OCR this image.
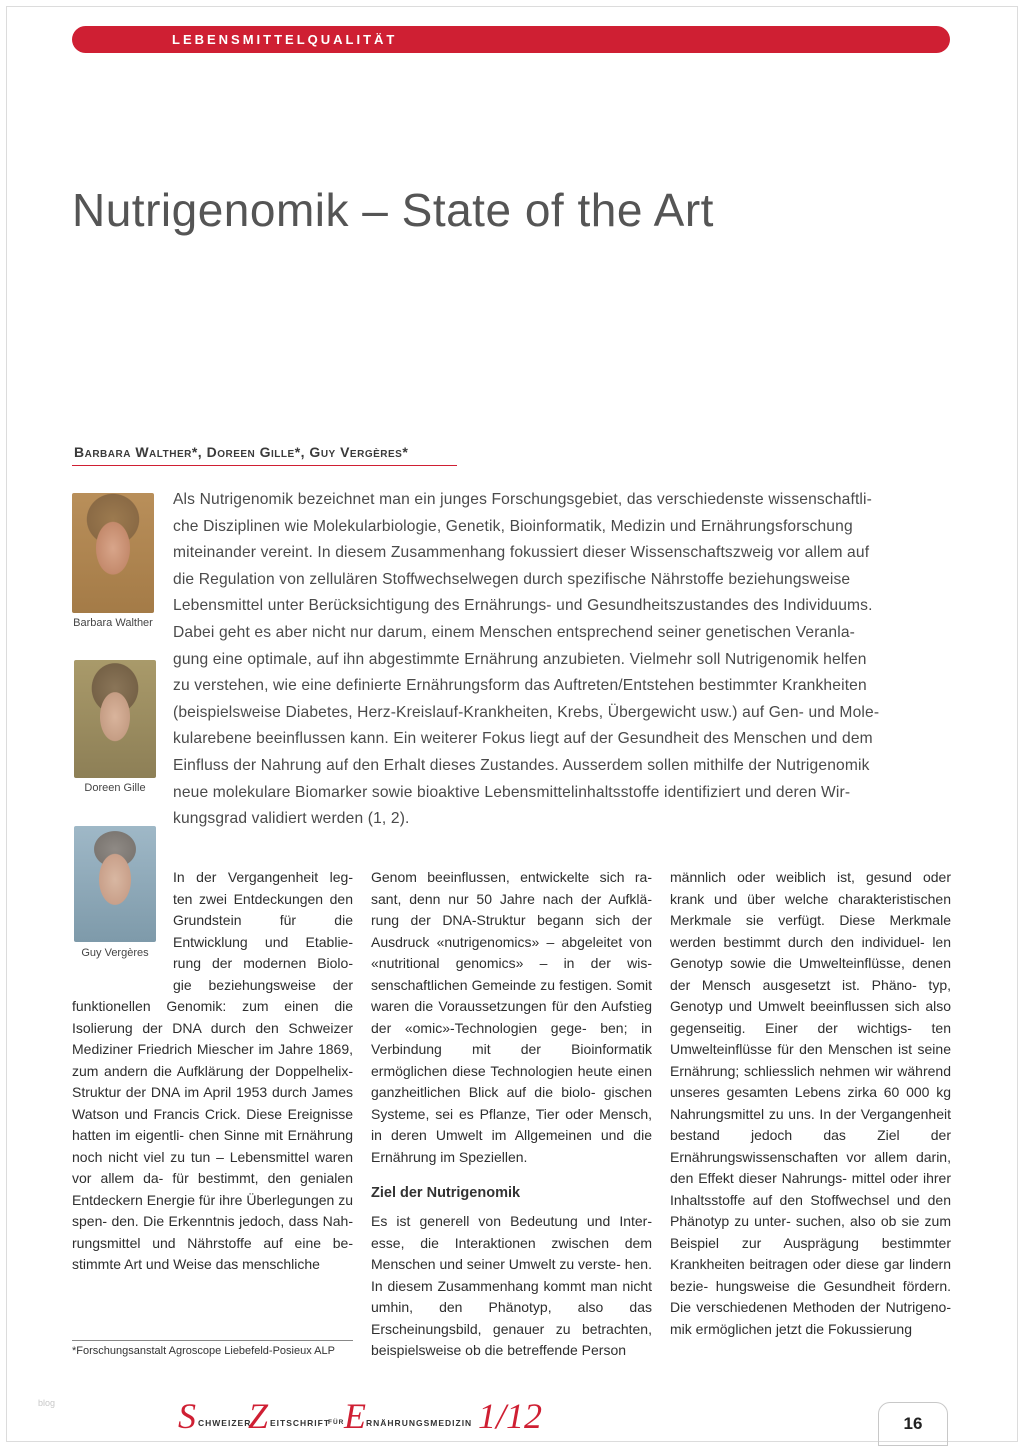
LEBENSMITTELQUALITÄT
Nutrigenomik – State of the Art
Barbara Walther*, Doreen Gille*, Guy Vergères*
Barbara Walther
Doreen Gille
Guy Vergères

Als Nutrigenomik bezeichnet man ein junges Forschungsgebiet, das verschiedenste wissenschaftli-
che Disziplinen wie Molekularbiologie, Genetik, Bioinformatik, Medizin und Ernährungsforschung
miteinander vereint. In diesem Zusammenhang fokussiert dieser Wissenschaftszweig vor allem auf
die Regulation von zellulären Stoffwechselwegen durch spezifische Nährstoffe beziehungsweise
Lebensmittel unter Berücksichtigung des Ernährungs- und Gesundheitszustandes des Individuums.
Dabei geht es aber nicht nur darum, einem Menschen entsprechend seiner genetischen Veranla-
gung eine optimale, auf ihn abgestimmte Ernährung anzubieten. Vielmehr soll Nutrigenomik helfen
zu verstehen, wie eine definierte Ernährungsform das Auftreten/Entstehen bestimmter Krankheiten
(beispielsweise Diabetes, Herz-Kreislauf-Krankheiten, Krebs, Übergewicht usw.) auf Gen- und Mole-
kularebene beeinflussen kann. Ein weiterer Fokus liegt auf der Gesundheit des Menschen und dem
Einfluss der Nahrung auf den Erhalt dieses Zustandes. Ausserdem sollen mithilfe der Nutrigenomik
neue molekulare Biomarker sowie bioaktive Lebensmittelinhaltsstoffe identifiziert und deren Wir-
kungsgrad validiert werden (1, 2).

In der Vergangenheit leg- ten zwei Entdeckungen den Grundstein für die Entwicklung und Etablie- rung der modernen Biolo- gie beziehungsweise der

funktionellen Genomik: zum einen die Isolierung der DNA durch den Schweizer Mediziner Friedrich Miescher im Jahre 1869, zum andern die Aufklärung der Doppelhelix-Struktur der DNA im April 1953 durch James Watson und Francis Crick. Diese Ereignisse hatten im eigentli- chen Sinne mit Ernährung noch nicht viel zu tun – Lebensmittel waren vor allem da- für bestimmt, den genialen Entdeckern Energie für ihre Überlegungen zu spen- den. Die Erkenntnis jedoch, dass Nah- rungsmittel und Nährstoffe auf eine be- stimmte Art und Weise das menschliche

Genom beeinflussen, entwickelte sich ra- sant, denn nur 50 Jahre nach der Aufklä- rung der DNA-Struktur begann sich der Ausdruck «nutrigenomics» – abgeleitet von «nutritional genomics» – in der wis- senschaftlichen Gemeinde zu festigen. Somit waren die Voraussetzungen für den Aufstieg der «omic»-Technologien gege- ben; in Verbindung mit der Bioinformatik ermöglichen diese Technologien heute einen ganzheitlichen Blick auf die biolo- gischen Systeme, sei es Pflanze, Tier oder Mensch, in deren Umwelt im Allgemeinen und die Ernährung im Speziellen.

Ziel der Nutrigenomik

Es ist generell von Bedeutung und Inter- esse, die Interaktionen zwischen dem Menschen und seiner Umwelt zu verste- hen. In diesem Zusammenhang kommt man nicht umhin, den Phänotyp, also das Erscheinungsbild, genauer zu betrachten, beispielsweise ob die betreffende Person

männlich oder weiblich ist, gesund oder krank und über welche charakteristischen Merkmale sie verfügt. Diese Merkmale werden bestimmt durch den individuel- len Genotyp sowie die Umwelteinflüsse, denen der Mensch ausgesetzt ist. Phäno- typ, Genotyp und Umwelt beeinflussen sich also gegenseitig. Einer der wichtigs- ten Umwelteinflüsse für den Menschen ist seine Ernährung; schliesslich nehmen wir während unseres gesamten Lebens zirka 60 000 kg Nahrungsmittel zu uns. In der Vergangenheit bestand jedoch das Ziel der Ernährungswissenschaften vor allem darin, den Effekt dieser Nahrungs- mittel oder ihrer Inhaltsstoffe auf den Stoffwechsel und den Phänotyp zu unter- suchen, also ob sie zum Beispiel zur Ausprägung bestimmter Krankheiten beitragen oder diese gar lindern bezie- hungsweise die Gesundheit fördern. Die verschiedenen Methoden der Nutrigeno- mik ermöglichen jetzt die Fokussierung

*Forschungsanstalt Agroscope Liebefeld-Posieux ALP
blog	S CHWEIZER
Z EITSCHRIFT
FÜR E RNÄHRUNGSMEDIZIN 1/12	16
